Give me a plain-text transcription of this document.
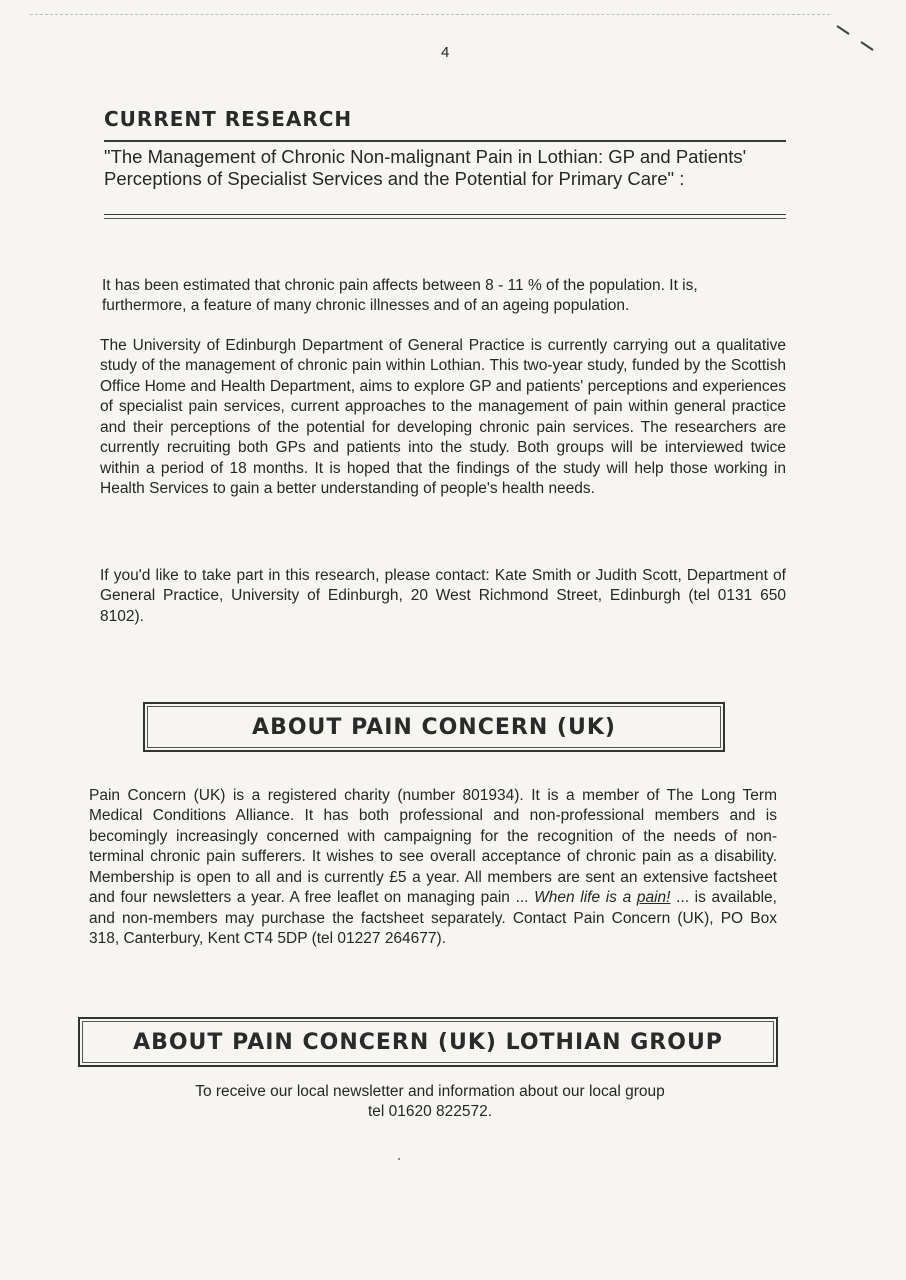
4
CURRENT RESEARCH
"The Management of Chronic Non-malignant Pain in Lothian: GP and Patients' Perceptions of Specialist Services and the Potential for Primary Care" :

It has been estimated that chronic pain affects between 8 - 11 % of the population. It is, furthermore, a feature of many chronic illnesses and of an ageing population.

The University of Edinburgh Department of General Practice is currently carrying out a qualitative study of the management of chronic pain within Lothian. This two-year study, funded by the Scottish Office Home and Health Department, aims to explore GP and patients' perceptions and experiences of specialist pain services, current approaches to the management of pain within general practice and their perceptions of the potential for developing chronic pain services. The researchers are currently recruiting both GPs and patients into the study. Both groups will be interviewed twice within a period of 18 months. It is hoped that the findings of the study will help those working in Health Services to gain a better understanding of people's health needs.

If you'd like to take part in this research, please contact: Kate Smith or Judith Scott, Department of General Practice, University of Edinburgh, 20 West Richmond Street, Edinburgh (tel 0131 650 8102).

ABOUT PAIN CONCERN (UK)

Pain Concern (UK) is a registered charity (number 801934). It is a member of The Long Term Medical Conditions Alliance. It has both professional and non-professional members and is becomingly increasingly concerned with campaigning for the recognition of the needs of non-terminal chronic pain sufferers. It wishes to see overall acceptance of chronic pain as a disability. Membership is open to all and is currently £5 a year. All members are sent an extensive factsheet and four newsletters a year. A free leaflet on managing pain ... When life is a pain! ... is available, and non-members may purchase the factsheet separately. Contact Pain Concern (UK), PO Box 318, Canterbury, Kent CT4 5DP (tel 01227 264677).

ABOUT PAIN CONCERN (UK) LOTHIAN GROUP
To receive our local newsletter and information about our local group
tel 01620 822572.
